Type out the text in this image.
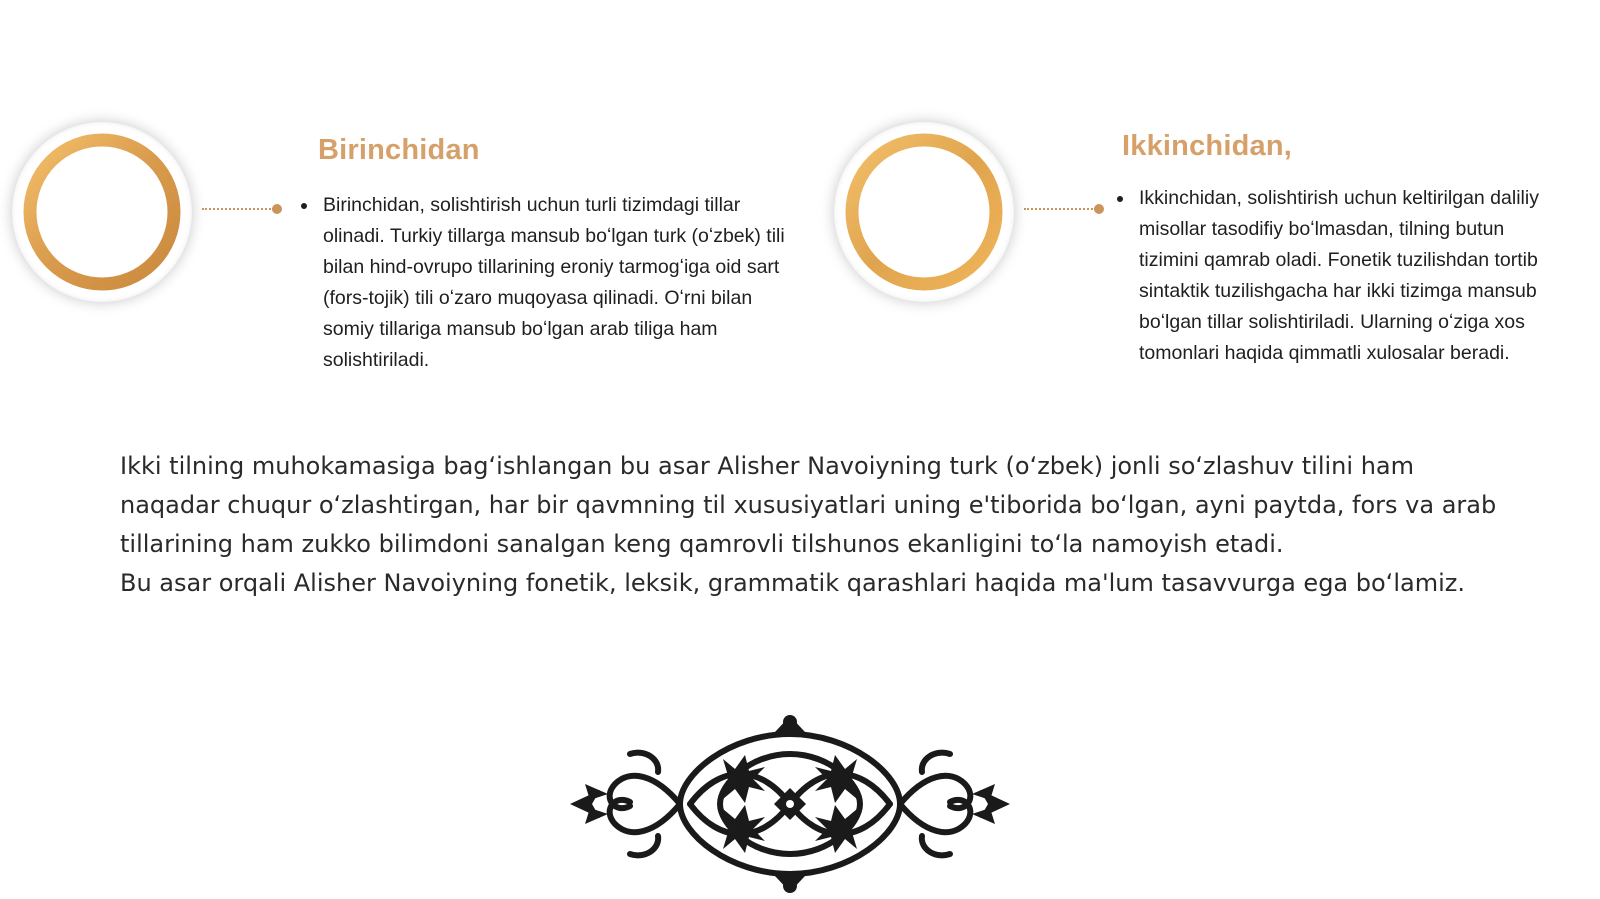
Birinchidan
Birinchidan, solishtirish uchun turli tizimdagi tillar olinadi. Turkiy tillarga mansub boʻlgan turk (oʻzbek) tili bilan hind-ovrupo tillarining eroniy tarmogʻiga oid sart (fors-tojik) tili oʻzaro muqoyasa qilinadi. Oʻrni bilan somiy tillariga mansub boʻlgan arab tiliga ham solishtiriladi.
Ikkinchidan,
Ikkinchidan, solishtirish uchun keltirilgan daliliy misollar tasodifiy boʻlmasdan, tilning butun tizimini qamrab oladi. Fonetik tuzilishdan tortib sintaktik tuzilishgacha har ikki tizimga mansub boʻlgan tillar solishtiriladi. Ularning oʻziga xos tomonlari haqida qimmatli xulosalar beradi.

Ikki tilning muhokamasiga bagʻishlangan bu asar Alisher Navoiyning turk (oʻzbek) jonli soʻzlashuv tilini ham naqadar chuqur oʻzlashtirgan, har bir qavmning til xususiyatlari uning e'tiborida boʻlgan, ayni paytda, fors va arab tillarining ham zukko bilimdoni sanalgan keng qamrovli tilshunos ekanligini toʻla namoyish etadi.

Bu asar orqali Alisher Navoiyning fonetik, leksik, grammatik qarashlari haqida ma'lum tasavvurga ega boʻlamiz.
